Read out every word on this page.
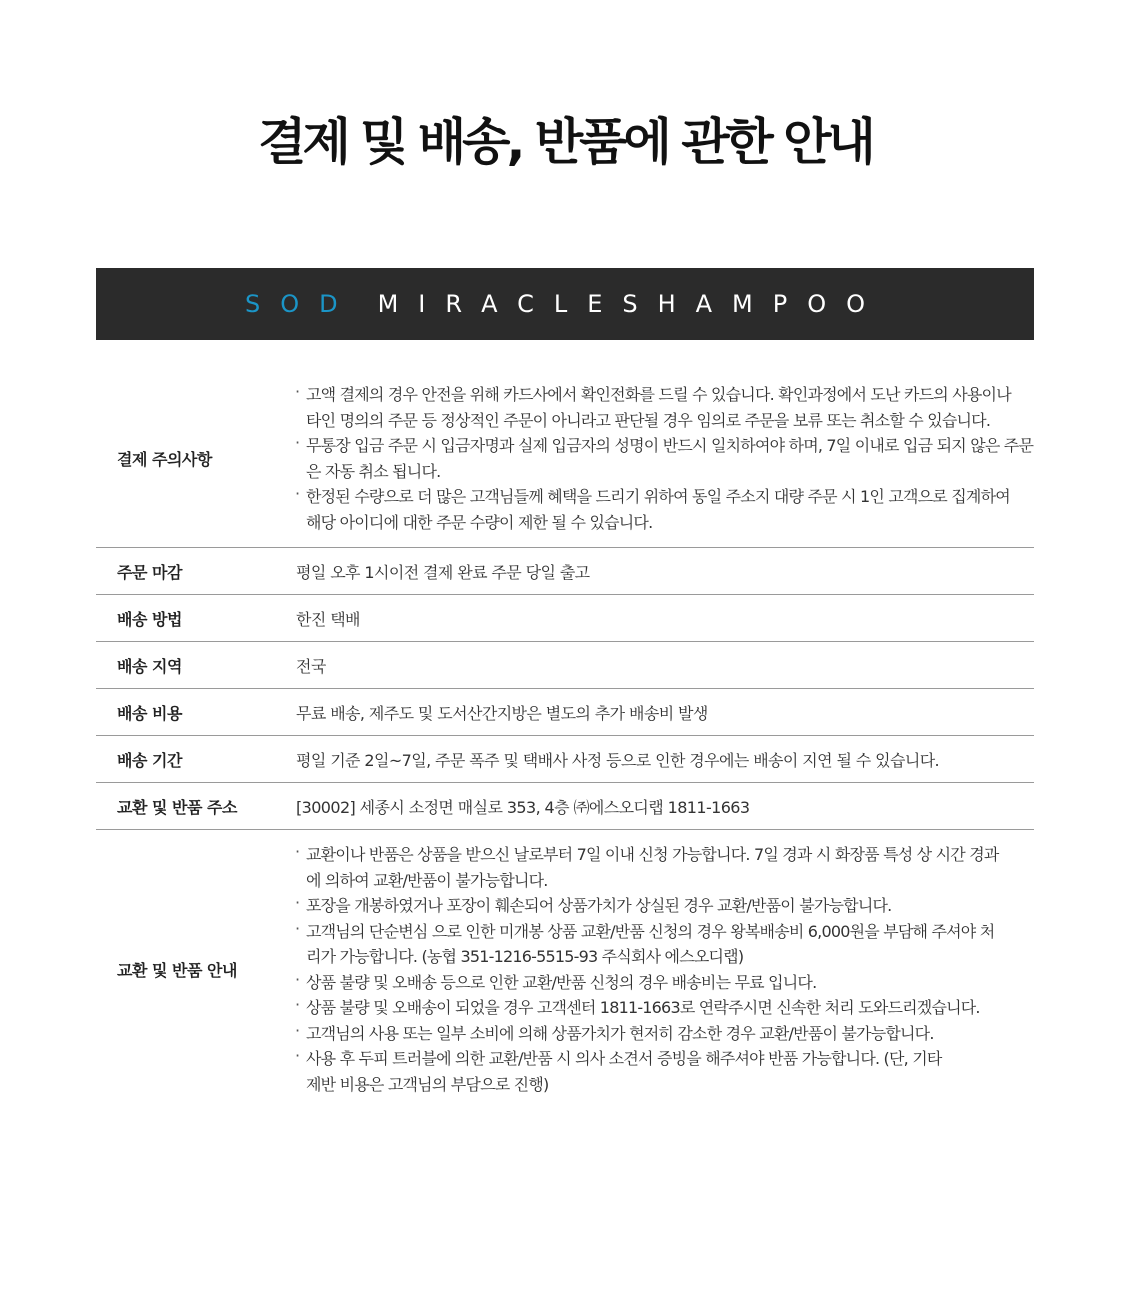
결제 및 배송, 반품에 관한 안내
SOD MIRACLESHAMPOO
결제 주의사항
· 고액 결제의 경우 안전을 위해 카드사에서 확인전화를 드릴 수 있습니다. 확인과정에서 도난 카드의 사용이나 타인 명의의 주문 등 정상적인 주문이 아니라고 판단될 경우 임의로 주문을 보류 또는 취소할 수 있습니다.
· 무통장 입금 주문 시 입금자명과 실제 입금자의 성명이 반드시 일치하여야 하며, 7일 이내로 입금 되지 않은 주문은 자동 취소 됩니다.
· 한정된 수량으로 더 많은 고객님들께 혜택을 드리기 위하여 동일 주소지 대량 주문 시 1인 고객으로 집계하여 해당 아이디에 대한 주문 수량이 제한 될 수 있습니다.
주문 마감	평일 오후 1시이전 결제 완료 주문 당일 출고
배송 방법	한진 택배
배송 지역	전국
배송 비용	무료 배송, 제주도 및 도서산간지방은 별도의 추가 배송비 발생
배송 기간	평일 기준 2일~7일, 주문 폭주 및 택배사 사정 등으로 인한 경우에는 배송이 지연 될 수 있습니다.
교환 및 반품 주소	[30002] 세종시 소정면 매실로 353, 4층 ㈜에스오디랩 1811-1663
교환 및 반품 안내
· 교환이나 반품은 상품을 받으신 날로부터 7일 이내 신청 가능합니다. 7일 경과 시 화장품 특성 상 시간 경과에 의하여 교환/반품이 불가능합니다.
· 포장을 개봉하였거나 포장이 훼손되어 상품가치가 상실된 경우 교환/반품이 불가능합니다.
· 고객님의 단순변심 으로 인한 미개봉 상품 교환/반품 신청의 경우 왕복배송비 6,000원을 부담해 주셔야 처리가 가능합니다. (농협 351-1216-5515-93 주식회사 에스오디랩)
· 상품 불량 및 오배송 등으로 인한 교환/반품 신청의 경우 배송비는 무료 입니다.
· 상품 불량 및 오배송이 되었을 경우 고객센터 1811-1663로 연락주시면 신속한 처리 도와드리겠습니다.
· 고객님의 사용 또는 일부 소비에 의해 상품가치가 현저히 감소한 경우 교환/반품이 불가능합니다.
· 사용 후 두피 트러블에 의한 교환/반품 시 의사 소견서 증빙을 해주셔야 반품 가능합니다. (단, 기타 제반 비용은 고객님의 부담으로 진행)
